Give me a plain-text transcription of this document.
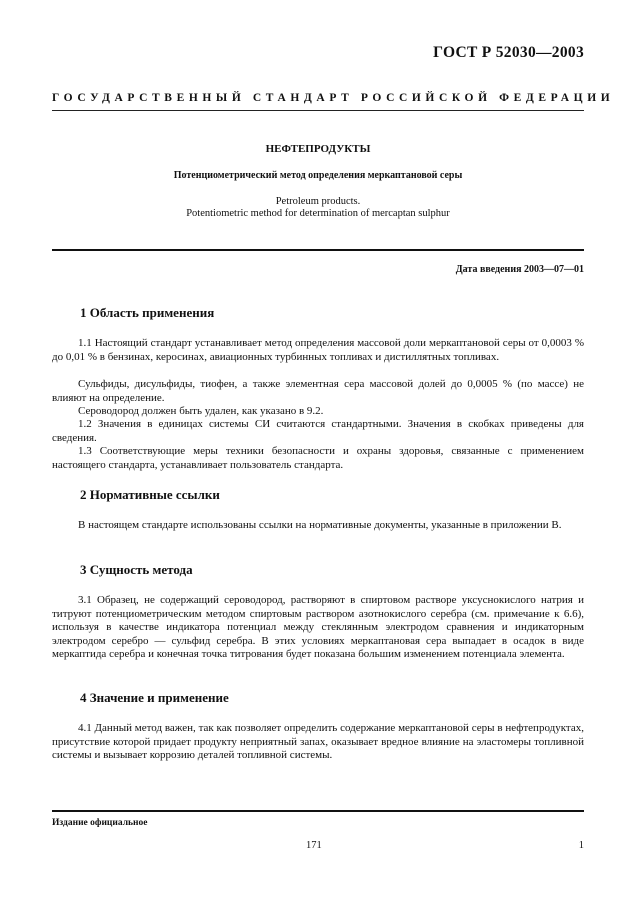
ГОСТ Р 52030—2003
ГОСУДАРСТВЕННЫЙ СТАНДАРТ РОССИЙСКОЙ ФЕДЕРАЦИИ
НЕФТЕПРОДУКТЫ
Потенциометрический метод определения меркаптановой серы
Petroleum products.
Potentiometric method for determination of mercaptan sulphur
Дата введения 2003—07—01
1 Область применения
1.1 Настоящий стандарт устанавливает метод определения массовой доли меркаптановой серы от 0,0003 % до 0,01 % в бензинах, керосинах, авиационных турбинных топливах и дистиллятных топливах.
Сульфиды, дисульфиды, тиофен, а также элементная сера массовой долей до 0,0005 % (по массе) не влияют на определение.
Сероводород должен быть удален, как указано в 9.2.
1.2 Значения в единицах системы СИ считаются стандартными. Значения в скобках приведены для сведения.
1.3 Соответствующие меры техники безопасности и охраны здоровья, связанные с применением настоящего стандарта, устанавливает пользователь стандарта.
2 Нормативные ссылки
В настоящем стандарте использованы ссылки на нормативные документы, указанные в приложении В.
3 Сущность метода
3.1 Образец, не содержащий сероводород, растворяют в спиртовом растворе уксуснокислого натрия и титруют потенциометрическим методом спиртовым раствором азотнокислого серебра (см. примечание к 6.6), используя в качестве индикатора потенциал между стеклянным электродом сравнения и индикаторным электродом серебро — сульфид серебра. В этих условиях меркаптановая сера выпадает в осадок в виде меркаптида серебра и конечная точка титрования будет показана большим изменением потенциала элемента.
4 Значение и применение
4.1 Данный метод важен, так как позволяет определить содержание меркаптановой серы в нефтепродуктах, присутствие которой придает продукту неприятный запах, оказывает вредное влияние на эластомеры топливной системы и вызывает коррозию деталей топливной системы.
Издание официальное
171	1
